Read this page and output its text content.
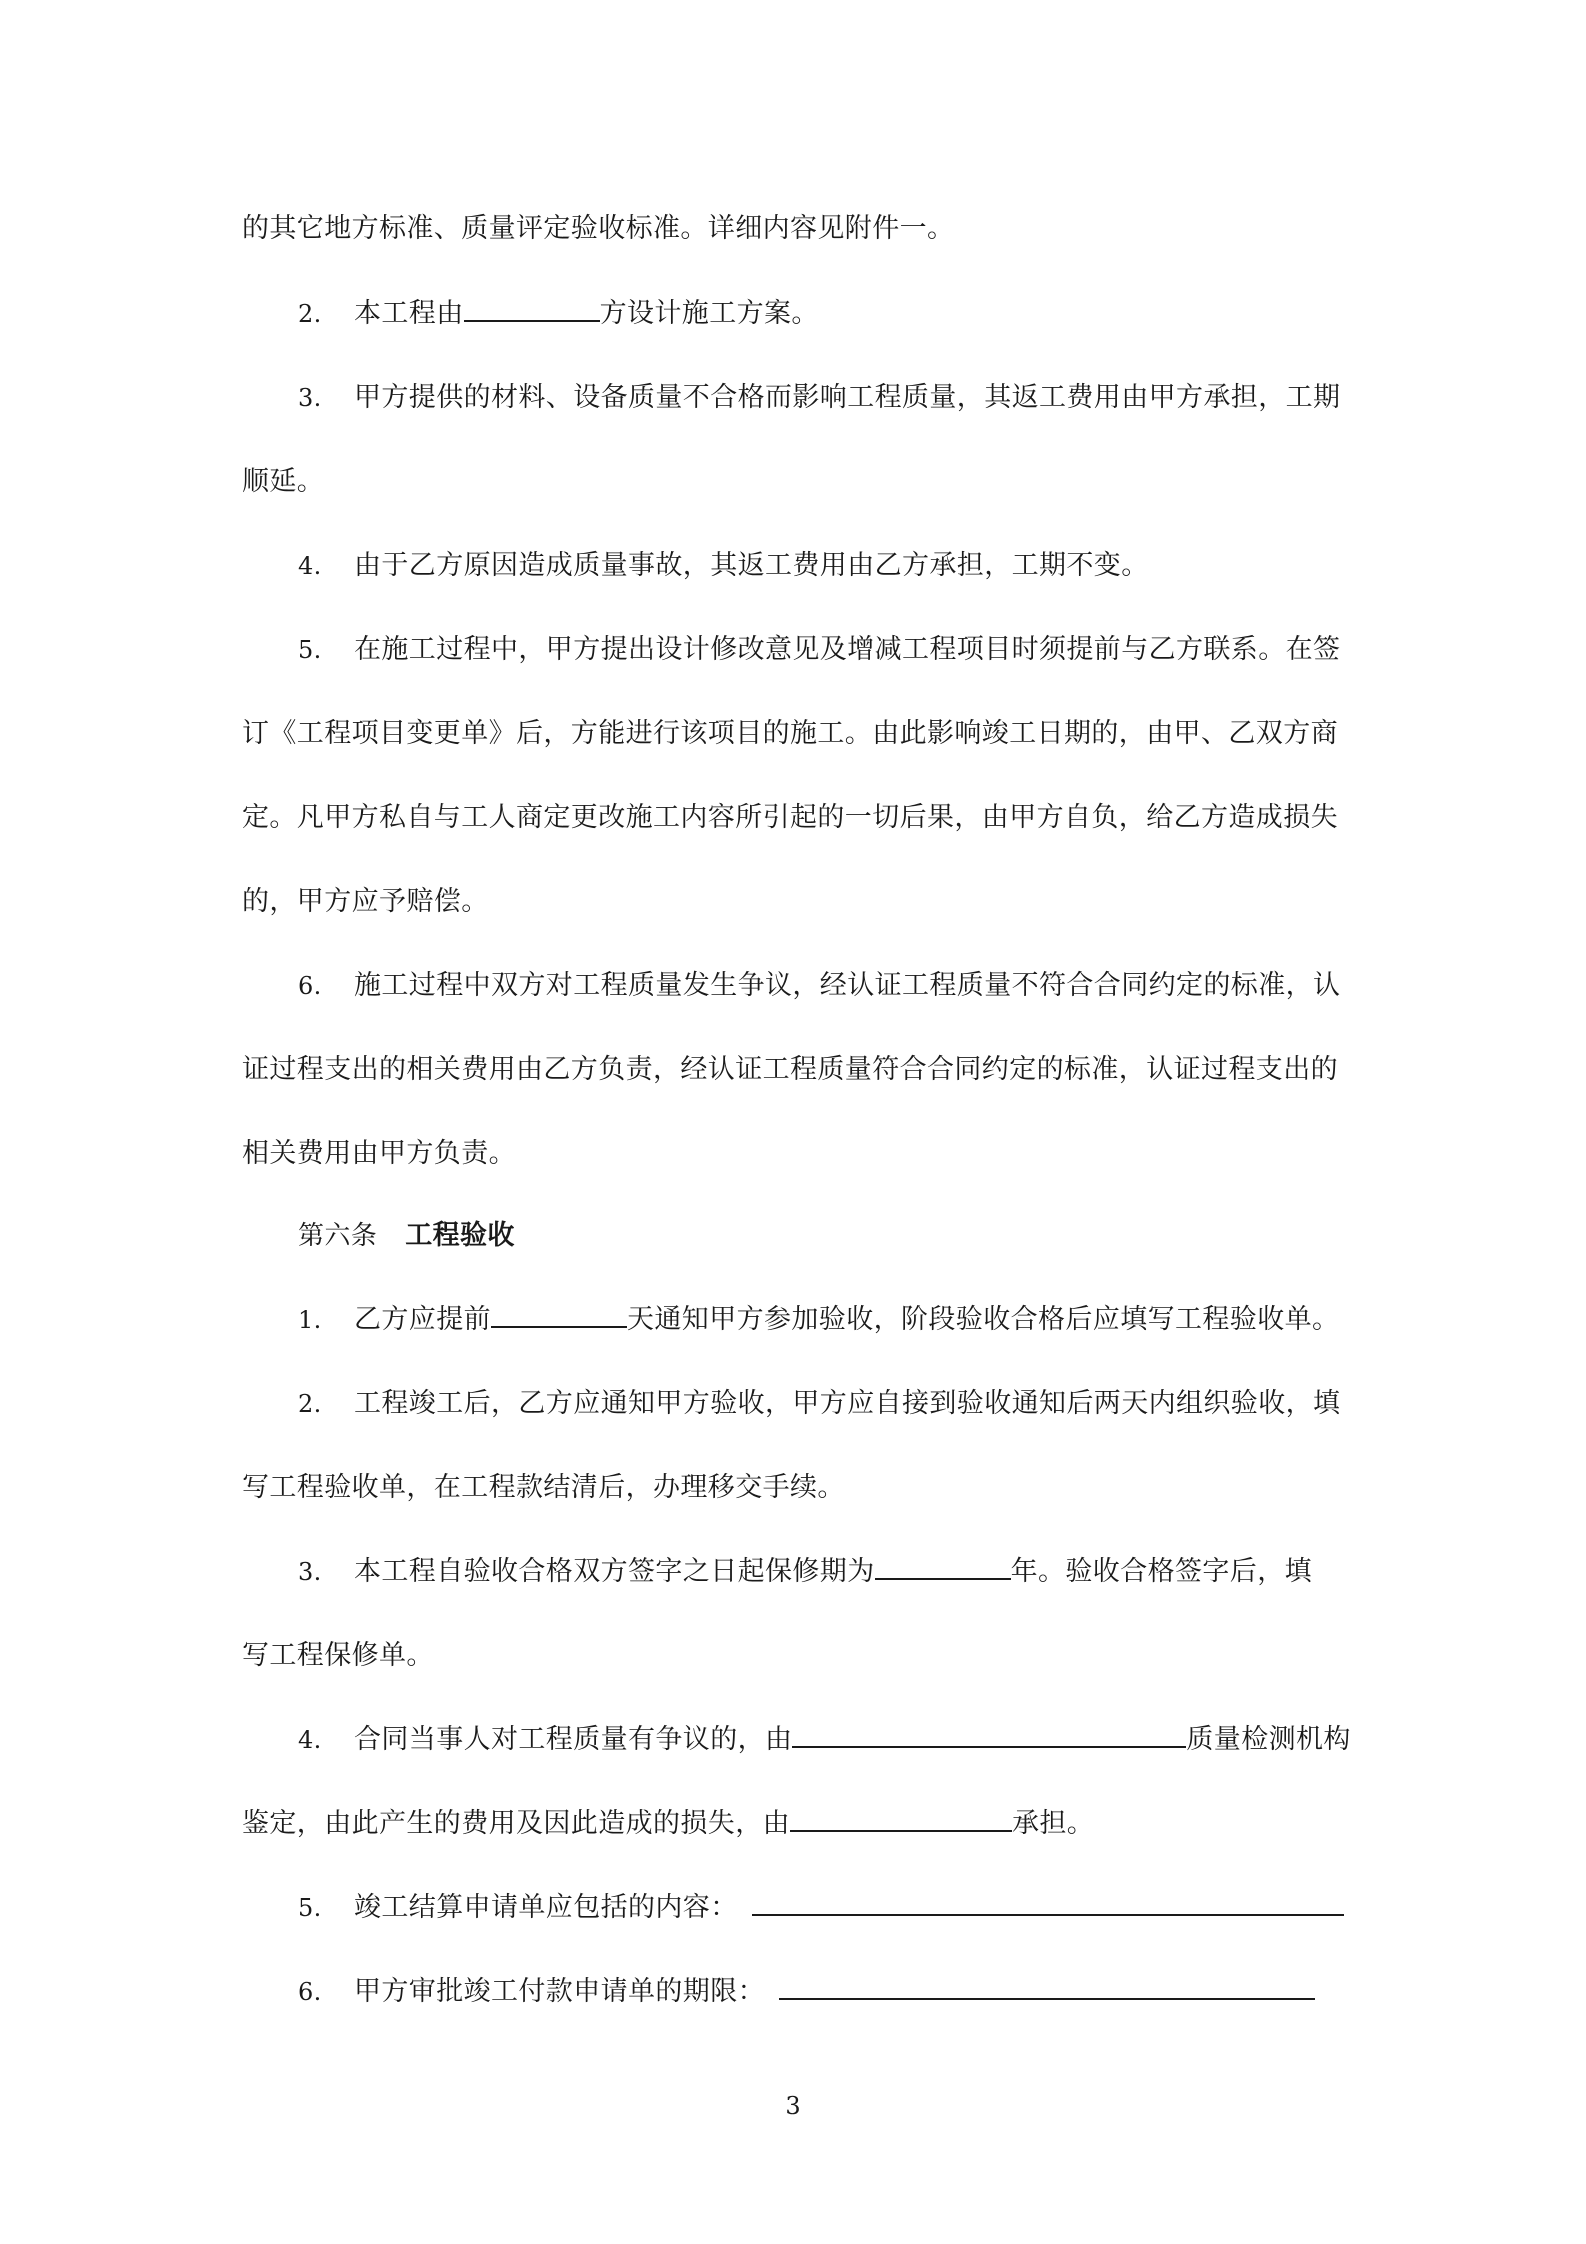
的其它地方标准、质量评定验收标准。详细内容见附件一。
2. 本工程由	方设计施工方案。
3. 甲方提供的材料、设备质量不合格而影响工程质量，其返工费用由甲方承担，工期
顺延。
4. 由于乙方原因造成质量事故，其返工费用由乙方承担，工期不变。
5. 在施工过程中，甲方提出设计修改意见及增减工程项目时须提前与乙方联系。在签
订《工程项目变更单》后，方能进行该项目的施工。由此影响竣工日期的，由甲、乙双方商
定。凡甲方私自与工人商定更改施工内容所引起的一切后果，由甲方自负，给乙方造成损失
的，甲方应予赔偿。
6. 施工过程中双方对工程质量发生争议，经认证工程质量不符合合同约定的标准，认
证过程支出的相关费用由乙方负责，经认证工程质量符合合同约定的标准，认证过程支出的
相关费用由甲方负责。
第六条 工程验收
1. 乙方应提前	天通知甲方参加验收，阶段验收合格后应填写工程验收单。
2. 工程竣工后，乙方应通知甲方验收，甲方应自接到验收通知后两天内组织验收，填
写工程验收单，在工程款结清后，办理移交手续。
3. 本工程自验收合格双方签字之日起保修期为	年。验收合格签字后，填
写工程保修单。
4. 合同当事人对工程质量有争议的，由	质量检测机构
鉴定，由此产生的费用及因此造成的损失，由	承担。
5. 竣工结算申请单应包括的内容：
6. 甲方审批竣工付款申请单的期限：
3
